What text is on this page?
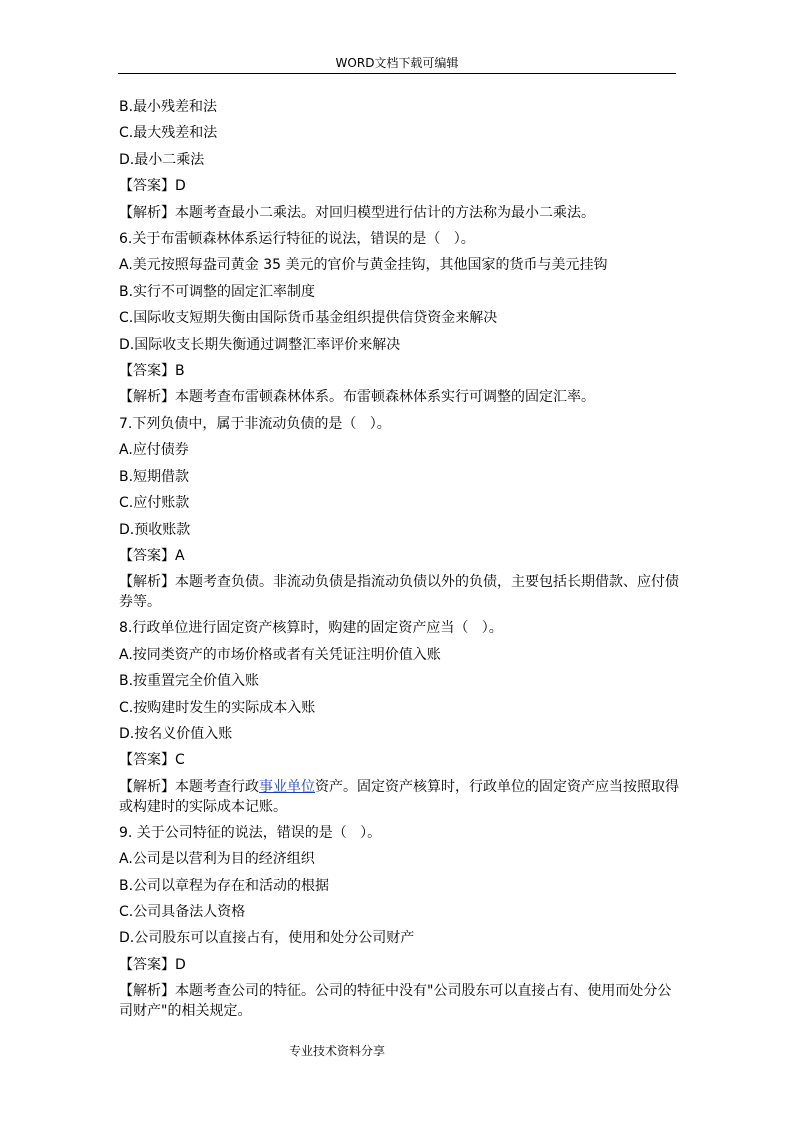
WORD文档下载可编辑

B.最小残差和法

C.最大残差和法

D.最小二乘法

【答案】D

【解析】本题考查最小二乘法。对回归模型进行估计的方法称为最小二乘法。

6.关于布雷顿森林体系运行特征的说法，错误的是（   ）。

A.美元按照每盎司黄金 35 美元的官价与黄金挂钩，其他国家的货币与美元挂钩

B.实行不可调整的固定汇率制度

C.国际收支短期失衡由国际货币基金组织提供信贷资金来解决

D.国际收支长期失衡通过调整汇率评价来解决

【答案】B

【解析】本题考查布雷顿森林体系。布雷顿森林体系实行可调整的固定汇率。

7.下列负债中，属于非流动负债的是（   ）。

A.应付债券

B.短期借款

C.应付账款

D.预收账款

【答案】A

【解析】本题考查负债。非流动负债是指流动负债以外的负债，主要包括长期借款、应付债券等。

8.行政单位进行固定资产核算时，购建的固定资产应当（   ）。

A.按同类资产的市场价格或者有关凭证注明价值入账

B.按重置完全价值入账

C.按购建时发生的实际成本入账

D.按名义价值入账

【答案】C

【解析】本题考查行政事业单位资产。固定资产核算时，行政单位的固定资产应当按照取得或构建时的实际成本记账。

9. 关于公司特征的说法，错误的是（   ）。

A.公司是以营利为目的经济组织

B.公司以章程为存在和活动的根据

C.公司具备法人资格

D.公司股东可以直接占有，使用和处分公司财产

【答案】D

【解析】本题考查公司的特征。公司的特征中没有"公司股东可以直接占有、使用而处分公司财产"的相关规定。

专业技术资料分享
